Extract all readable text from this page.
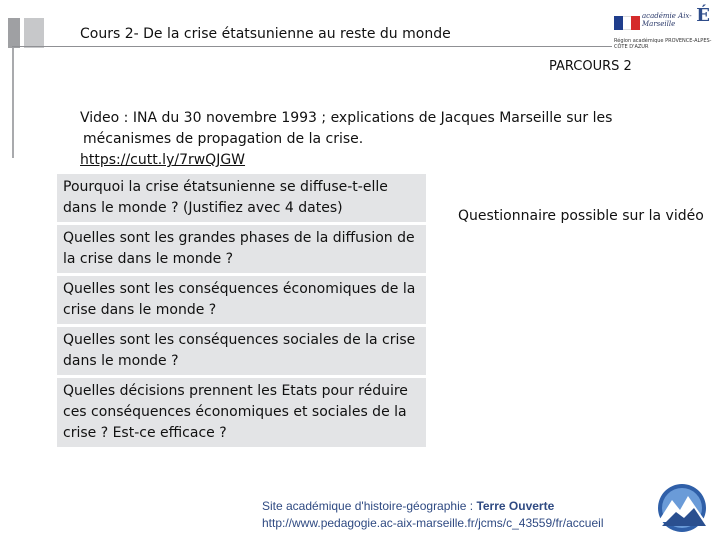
Cours 2- De la crise étatsunienne au reste du monde
PARCOURS 2
académie Aix-Marseille É
Région académique PROVENCE-ALPES-CÔTE D'AZUR
Video : INA du 30 novembre 1993 ; explications de Jacques Marseille sur les
mécanismes de propagation de la crise.
https://cutt.ly/7rwQJGW
Pourquoi la crise étatsunienne se diffuse-t-elle dans le monde ? (Justifiez avec 4 dates)
Quelles sont les grandes phases de la diffusion de la crise dans le monde ?
Quelles sont les conséquences économiques de la crise dans le monde ?
Quelles sont les conséquences sociales de la crise dans le monde ?
Quelles décisions prennent les Etats pour réduire ces conséquences économiques et sociales de la crise ? Est-ce efficace ?
Questionnaire possible sur la vidéo
Site académique d'histoire-géographie : Terre Ouverte
http://www.pedagogie.ac-aix-marseille.fr/jcms/c_43559/fr/accueil
